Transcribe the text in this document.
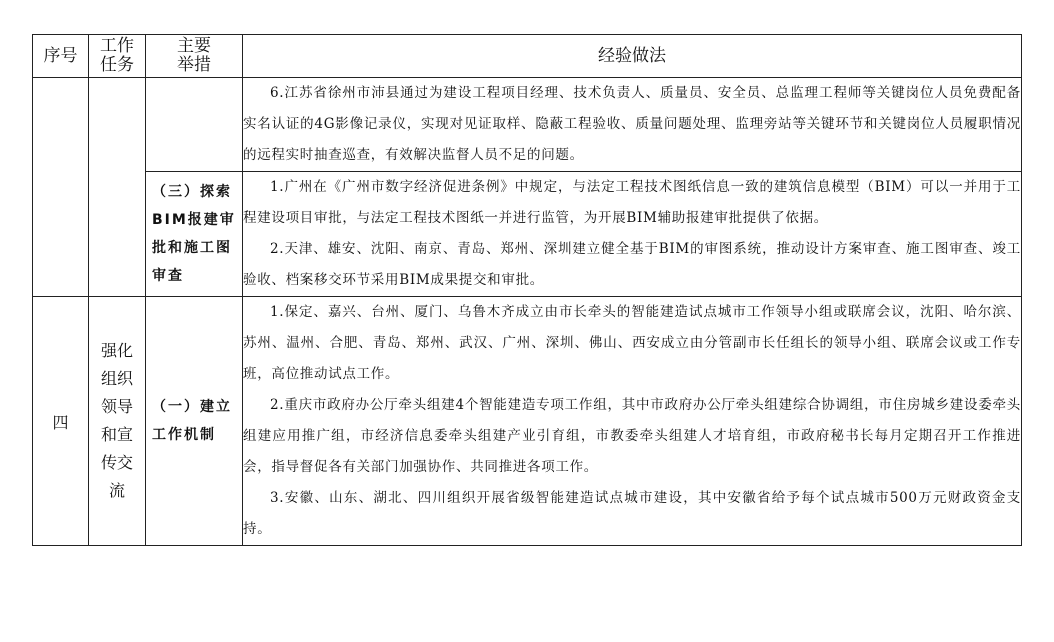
序号	工作任务	主要举措	经验做法

			6.江苏省徐州市沛县通过为建设工程项目经理、技术负责人、质量员、安全员、总监理工程师等关键岗位人员免费配备实名认证的4G影像记录仪，实现对见证取样、隐蔽工程验收、质量问题处理、监理旁站等关键环节和关键岗位人员履职情况的远程实时抽查巡查，有效解决监督人员不足的问题。

		（三）探索BIM报建审批和施工图审查	1.广州在《广州市数字经济促进条例》中规定，与法定工程技术图纸信息一致的建筑信息模型（BIM）可以一并用于工程建设项目审批，与法定工程技术图纸一并进行监管，为开展BIM辅助报建审批提供了依据。

2.天津、雄安、沈阳、南京、青岛、郑州、深圳建立健全基于BIM的审图系统，推动设计方案审查、施工图审查、竣工验收、档案移交环节采用BIM成果提交和审批。

四	强化组织领导和宣传交流	（一）建立工作机制	1.保定、嘉兴、台州、厦门、乌鲁木齐成立由市长牵头的智能建造试点城市工作领导小组或联席会议，沈阳、哈尔滨、苏州、温州、合肥、青岛、郑州、武汉、广州、深圳、佛山、西安成立由分管副市长任组长的领导小组、联席会议或工作专班，高位推动试点工作。

2.重庆市政府办公厅牵头组建4个智能建造专项工作组，其中市政府办公厅牵头组建综合协调组，市住房城乡建设委牵头组建应用推广组，市经济信息委牵头组建产业引育组，市教委牵头组建人才培育组，市政府秘书长每月定期召开工作推进会，指导督促各有关部门加强协作、共同推进各项工作。

3.安徽、山东、湖北、四川组织开展省级智能建造试点城市建设，其中安徽省给予每个试点城市500万元财政资金支持。
